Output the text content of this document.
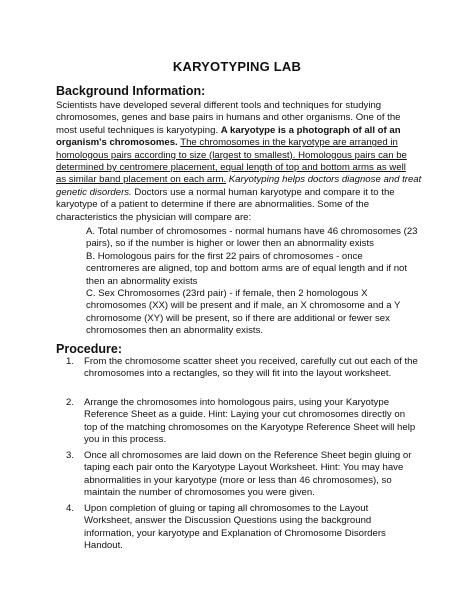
KARYOTYPING LAB
Background Information:
Scientists have developed several different tools and techniques for studying
chromosomes, genes and base pairs in humans and other organisms. One of the
most useful techniques is karyotyping. A karyotype is a photograph of all of an
organism's chromosomes. The chromosomes in the karyotype are arranged in
homologous pairs according to size (largest to smallest). Homologous pairs can be
determined by centromere placement, equal length of top and bottom arms as well
as similar band placement on each arm. Karyotyping helps doctors diagnose and treat
genetic disorders. Doctors use a normal human karyotype and compare it to the
karyotype of a patient to determine if there are abnormalities. Some of the
characteristics the physician will compare are:
A. Total number of chromosomes - normal humans have 46 chromosomes (23
pairs), so if the number is higher or lower then an abnormality exists
B. Homologous pairs for the first 22 pairs of chromosomes - once
centromeres are aligned, top and bottom arms are of equal length and if not
then an abnormality exists
C. Sex Chromosomes (23rd pair) - if female, then 2 homologous X
chromosomes (XX) will be present and if male, an X chromosome and a Y
chromosome (XY) will be present, so if there are additional or fewer sex
chromosomes then an abnormality exists.
Procedure:
1. From the chromosome scatter sheet you received, carefully cut out each of the
chromosomes into a rectangles, so they will fit into the layout worksheet.
2. Arrange the chromosomes into homologous pairs, using your Karyotype
Reference Sheet as a guide. Hint: Laying your cut chromosomes directly on
top of the matching chromosomes on the Karyotype Reference Sheet will help
you in this process.
3. Once all chromosomes are laid down on the Reference Sheet begin gluing or
taping each pair onto the Karyotype Layout Worksheet. Hint: You may have
abnormalities in your karyotype (more or less than 46 chromosomes), so
maintain the number of chromosomes you were given.
4. Upon completion of gluing or taping all chromosomes to the Layout
Worksheet, answer the Discussion Questions using the background
information, your karyotype and Explanation of Chromosome Disorders
Handout.
